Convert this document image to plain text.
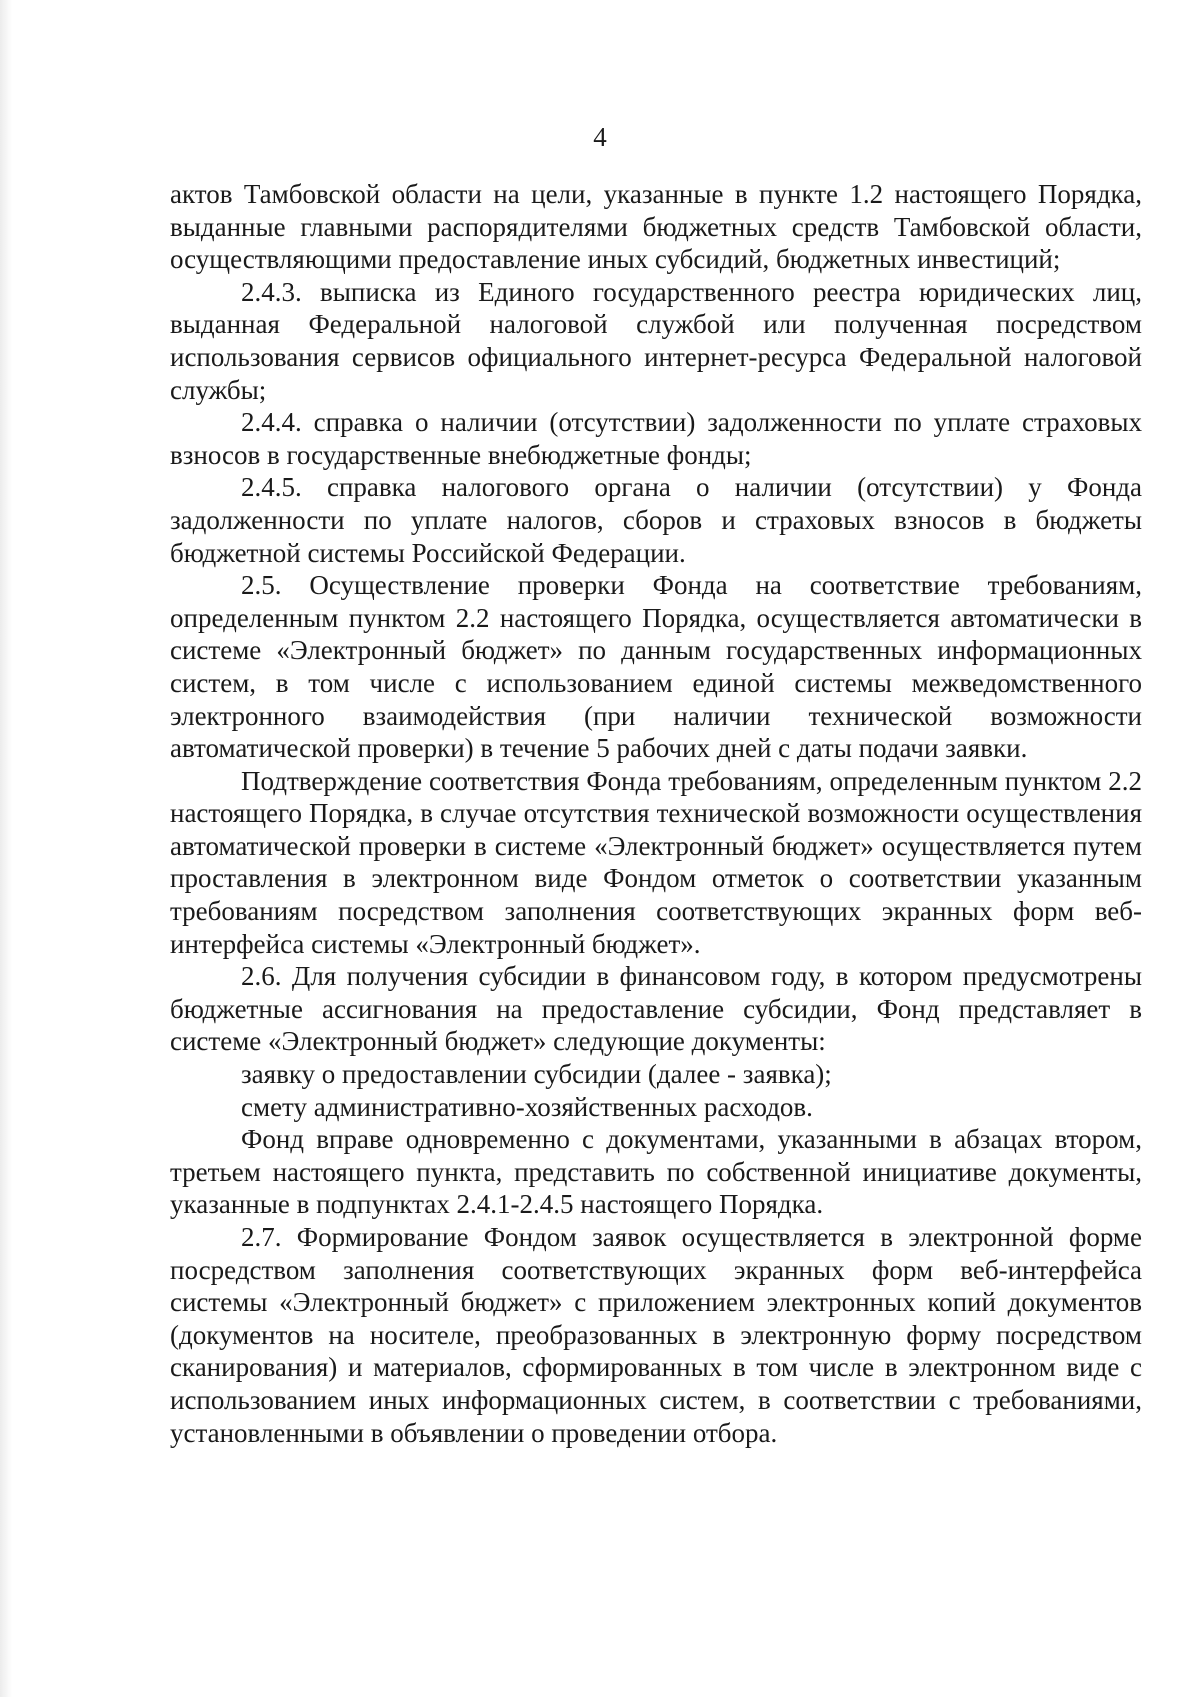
4

актов Тамбовской области на цели, указанные в пункте 1.2 настоящего Порядка, выданные главными распорядителями бюджетных средств Тамбовской области, осуществляющими предоставление иных субсидий, бюджетных инвестиций;

2.4.3. выписка из Единого государственного реестра юридических лиц, выданная Федеральной налоговой службой или полученная посредством использования сервисов официального интернет-ресурса Федеральной налоговой службы;

2.4.4. справка о наличии (отсутствии) задолженности по уплате страховых взносов в государственные внебюджетные фонды;

2.4.5. справка налогового органа о наличии (отсутствии) у Фонда задолженности по уплате налогов, сборов и страховых взносов в бюджеты бюджетной системы Российской Федерации.

2.5. Осуществление проверки Фонда на соответствие требованиям, определенным пунктом 2.2 настоящего Порядка, осуществляется автоматически в системе «Электронный бюджет» по данным государственных информационных систем, в том числе с использованием единой системы межведомственного электронного взаимодействия (при наличии технической возможности автоматической проверки) в течение 5 рабочих дней с даты подачи заявки.

Подтверждение соответствия Фонда требованиям, определенным пунктом 2.2 настоящего Порядка, в случае отсутствия технической возможности осуществления автоматической проверки в системе «Электронный бюджет» осуществляется путем проставления в электронном виде Фондом отметок о соответствии указанным требованиям посредством заполнения соответствующих экранных форм веб-интерфейса системы «Электронный бюджет».

2.6. Для получения субсидии в финансовом году, в котором предусмотрены бюджетные ассигнования на предоставление субсидии, Фонд представляет в системе «Электронный бюджет» следующие документы:

заявку о предоставлении субсидии (далее - заявка);

смету административно-хозяйственных расходов.

Фонд вправе одновременно с документами, указанными в абзацах втором, третьем настоящего пункта, представить по собственной инициативе документы, указанные в подпунктах 2.4.1-2.4.5 настоящего Порядка.

2.7. Формирование Фондом заявок осуществляется в электронной форме посредством заполнения соответствующих экранных форм веб-интерфейса системы «Электронный бюджет» с приложением электронных копий документов (документов на носителе, преобразованных в электронную форму посредством сканирования) и материалов, сформированных в том числе в электронном виде с использованием иных информационных систем, в соответствии с требованиями, установленными в объявлении о проведении отбора.
